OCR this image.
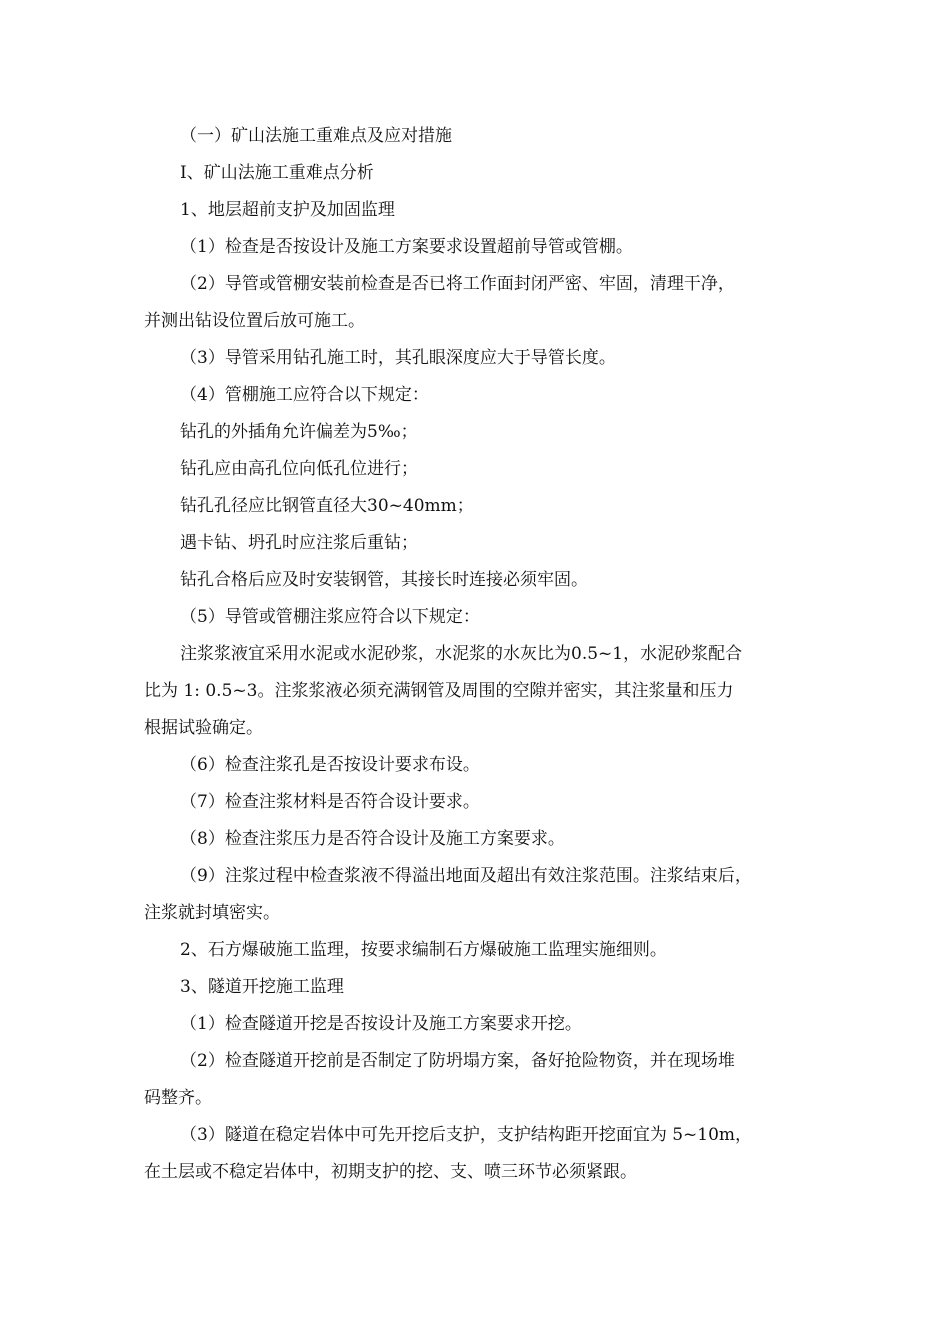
（一）矿山法施工重难点及应对措施

Ⅰ、矿山法施工重难点分析

1、地层超前支护及加固监理

（1）检查是否按设计及施工方案要求设置超前导管或管棚。

（2）导管或管棚安装前检查是否已将工作面封闭严密、牢固，清理干净，

并测出钻设位置后放可施工。

（3）导管采用钻孔施工时，其孔眼深度应大于导管长度。

（4）管棚施工应符合以下规定：

钻孔的外插角允许偏差为5‰；

钻孔应由高孔位向低孔位进行；

钻孔孔径应比钢管直径大30~40mm；

遇卡钻、坍孔时应注浆后重钻；

钻孔合格后应及时安装钢管，其接长时连接必须牢固。

（5）导管或管棚注浆应符合以下规定：

注浆浆液宜采用水泥或水泥砂浆，水泥浆的水灰比为0.5~1，水泥砂浆配合

比为 1: 0.5~3。注浆浆液必须充满钢管及周围的空隙并密实，其注浆量和压力

根据试验确定。

（6）检查注浆孔是否按设计要求布设。

（7）检查注浆材料是否符合设计要求。

（8）检查注浆压力是否符合设计及施工方案要求。

（9）注浆过程中检查浆液不得溢出地面及超出有效注浆范围。注浆结束后，

注浆就封填密实。

2、石方爆破施工监理，按要求编制石方爆破施工监理实施细则。

3、隧道开挖施工监理

（1）检查隧道开挖是否按设计及施工方案要求开挖。

（2）检查隧道开挖前是否制定了防坍塌方案，备好抢险物资，并在现场堆

码整齐。

（3）隧道在稳定岩体中可先开挖后支护，支护结构距开挖面宜为 5~10m，

在土层或不稳定岩体中，初期支护的挖、支、喷三环节必须紧跟。
